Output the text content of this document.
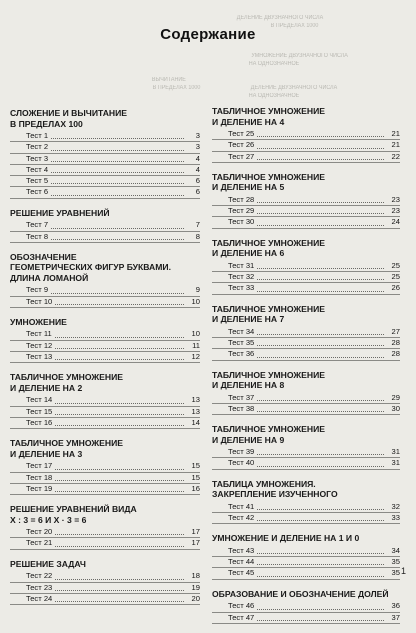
ДЕЛЕНИЕ ДВУЗНАЧНОГО ЧИСЛА
В ПРЕДЕЛАХ 1000
УМНОЖЕНИЕ ДВУЗНАЧНОГО ЧИСЛА
НА ОДНОЗНАЧНОЕ
ДЕЛЕНИЕ ДВУЗНАЧНОГО ЧИСЛА
НА ОДНОЗНАЧНОЕ
ВЫЧИТАНИЕ
В ПРЕДЕЛАХ 1000
Содержание
СЛОЖЕНИЕ И ВЫЧИТАНИЕ
В ПРЕДЕЛАХ 100
Тест 1	3
Тест 2	3
Тест 3	4
Тест 4	4
Тест 5	6
Тест 6	6
РЕШЕНИЕ УРАВНЕНИЙ
Тест 7	7
Тест 8	8
ОБОЗНАЧЕНИЕ
ГЕОМЕТРИЧЕСКИХ ФИГУР БУКВАМИ.
ДЛИНА ЛОМАНОЙ
Тест 9	9
Тест 10	10
УМНОЖЕНИЕ
Тест 11	10
Тест 12	11
Тест 13	12
ТАБЛИЧНОЕ УМНОЖЕНИЕ
И ДЕЛЕНИЕ НА 2
Тест 14	13
Тест 15	13
Тест 16	14
ТАБЛИЧНОЕ УМНОЖЕНИЕ
И ДЕЛЕНИЕ НА 3
Тест 17	15
Тест 18	15
Тест 19	16
РЕШЕНИЕ УРАВНЕНИЙ ВИДА
X : 3 = 6 И X · 3 = 6
Тест 20	17
Тест 21	17
РЕШЕНИЕ ЗАДАЧ
Тест 22	18
Тест 23	19
Тест 24	20
ТАБЛИЧНОЕ УМНОЖЕНИЕ
И ДЕЛЕНИЕ НА 4
Тест 25	21
Тест 26	21
Тест 27	22
ТАБЛИЧНОЕ УМНОЖЕНИЕ
И ДЕЛЕНИЕ НА 5
Тест 28	23
Тест 29	23
Тест 30	24
ТАБЛИЧНОЕ УМНОЖЕНИЕ
И ДЕЛЕНИЕ НА 6
Тест 31	25
Тест 32	25
Тест 33	26
ТАБЛИЧНОЕ УМНОЖЕНИЕ
И ДЕЛЕНИЕ НА 7
Тест 34	27
Тест 35	28
Тест 36	28
ТАБЛИЧНОЕ УМНОЖЕНИЕ
И ДЕЛЕНИЕ НА 8
Тест 37	29
Тест 38	30
ТАБЛИЧНОЕ УМНОЖЕНИЕ
И ДЕЛЕНИЕ НА 9
Тест 39	31
Тест 40	31
ТАБЛИЦА УМНОЖЕНИЯ.
ЗАКРЕПЛЕНИЕ ИЗУЧЕННОГО
Тест 41	32
Тест 42	33
УМНОЖЕНИЕ И ДЕЛЕНИЕ НА 1 И 0
Тест 43	34
Тест 44	35
Тест 45	35
ОБРАЗОВАНИЕ И ОБОЗНАЧЕНИЕ ДОЛЕЙ
Тест 46	36
Тест 47	37
1
